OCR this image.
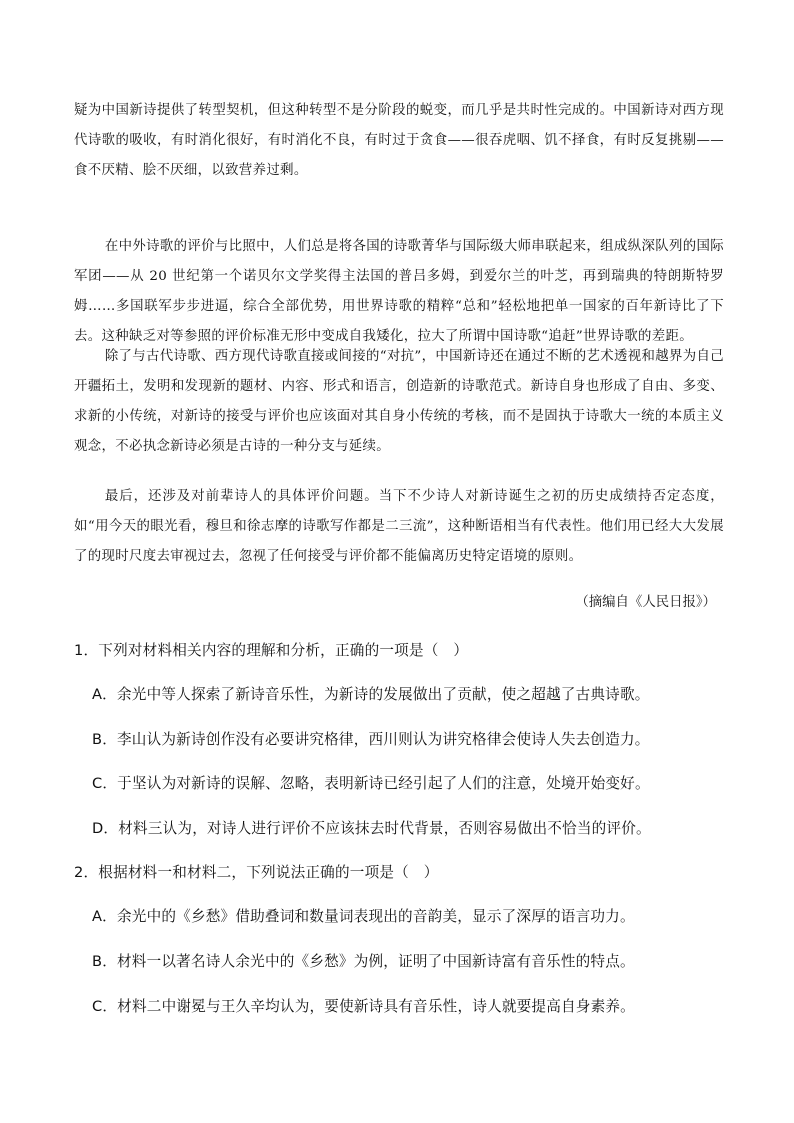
疑为中国新诗提供了转型契机，但这种转型不是分阶段的蜕变，而几乎是共时性完成的。中国新诗对西方现代诗歌的吸收，有时消化很好，有时消化不良，有时过于贪食——很吞虎咽、饥不择食，有时反复挑剔——食不厌精、脍不厌细，以致营养过剩。

在中外诗歌的评价与比照中，人们总是将各国的诗歌菁华与国际级大师串联起来，组成纵深队列的国际军团——从 20 世纪第一个诺贝尔文学奖得主法国的普吕多姆，到爱尔兰的叶芝，再到瑞典的特朗斯特罗姆……多国联军步步进逼，综合全部优势，用世界诗歌的精粹“总和”轻松地把单一国家的百年新诗比了下去。这种缺乏对等参照的评价标准无形中变成自我矮化，拉大了所谓中国诗歌“追赶”世界诗歌的差距。

除了与古代诗歌、西方现代诗歌直接或间接的“对抗”，中国新诗还在通过不断的艺术透视和越界为自己开疆拓土，发明和发现新的题材、内容、形式和语言，创造新的诗歌范式。新诗自身也形成了自由、多变、求新的小传统，对新诗的接受与评价也应该面对其自身小传统的考核，而不是固执于诗歌大一统的本质主义观念，不必执念新诗必须是古诗的一种分支与延续。

最后，还涉及对前辈诗人的具体评价问题。当下不少诗人对新诗诞生之初的历史成绩持否定态度，如“用今天的眼光看，穆旦和徐志摩的诗歌写作都是二三流”，这种断语相当有代表性。他们用已经大大发展了的现时尺度去审视过去，忽视了任何接受与评价都不能偏离历史特定语境的原则。

（摘编自《人民日报》）

1．下列对材料相关内容的理解和分析，正确的一项是（　）

A．余光中等人探索了新诗音乐性，为新诗的发展做出了贡献，使之超越了古典诗歌。

B．李山认为新诗创作没有必要讲究格律，西川则认为讲究格律会使诗人失去创造力。

C．于坚认为对新诗的误解、忽略，表明新诗已经引起了人们的注意，处境开始变好。

D．材料三认为，对诗人进行评价不应该抹去时代背景，否则容易做出不恰当的评价。

2．根据材料一和材料二，下列说法正确的一项是（　）

A．余光中的《乡愁》借助叠词和数量词表现出的音韵美，显示了深厚的语言功力。

B．材料一以著名诗人余光中的《乡愁》为例，证明了中国新诗富有音乐性的特点。

C．材料二中谢冕与王久辛均认为，要使新诗具有音乐性，诗人就要提高自身素养。
